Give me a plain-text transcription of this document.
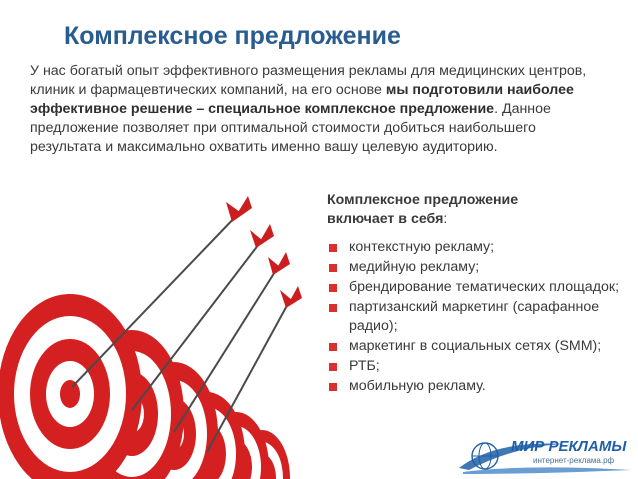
Комплексное предложение
У нас богатый опыт эффективного размещения рекламы для медицинских центров, клиник и фармацевтических компаний, на его основе мы подготовили наиболее эффективное решение – специальное комплексное предложение. Данное предложение позволяет при оптимальной стоимости добиться наибольшего результата и максимально охватить именно вашу целевую аудиторию.
Комплексное предложение включает в себя:
контекстную рекламу;
медийную рекламу;
брендирование тематических площадок;
партизанский маркетинг (сарафанное радио);
маркетинг в социальных сетях (SMM);
РТБ;
мобильную рекламу.
МИР РЕКЛАМЫ
интернет-реклама.рф
